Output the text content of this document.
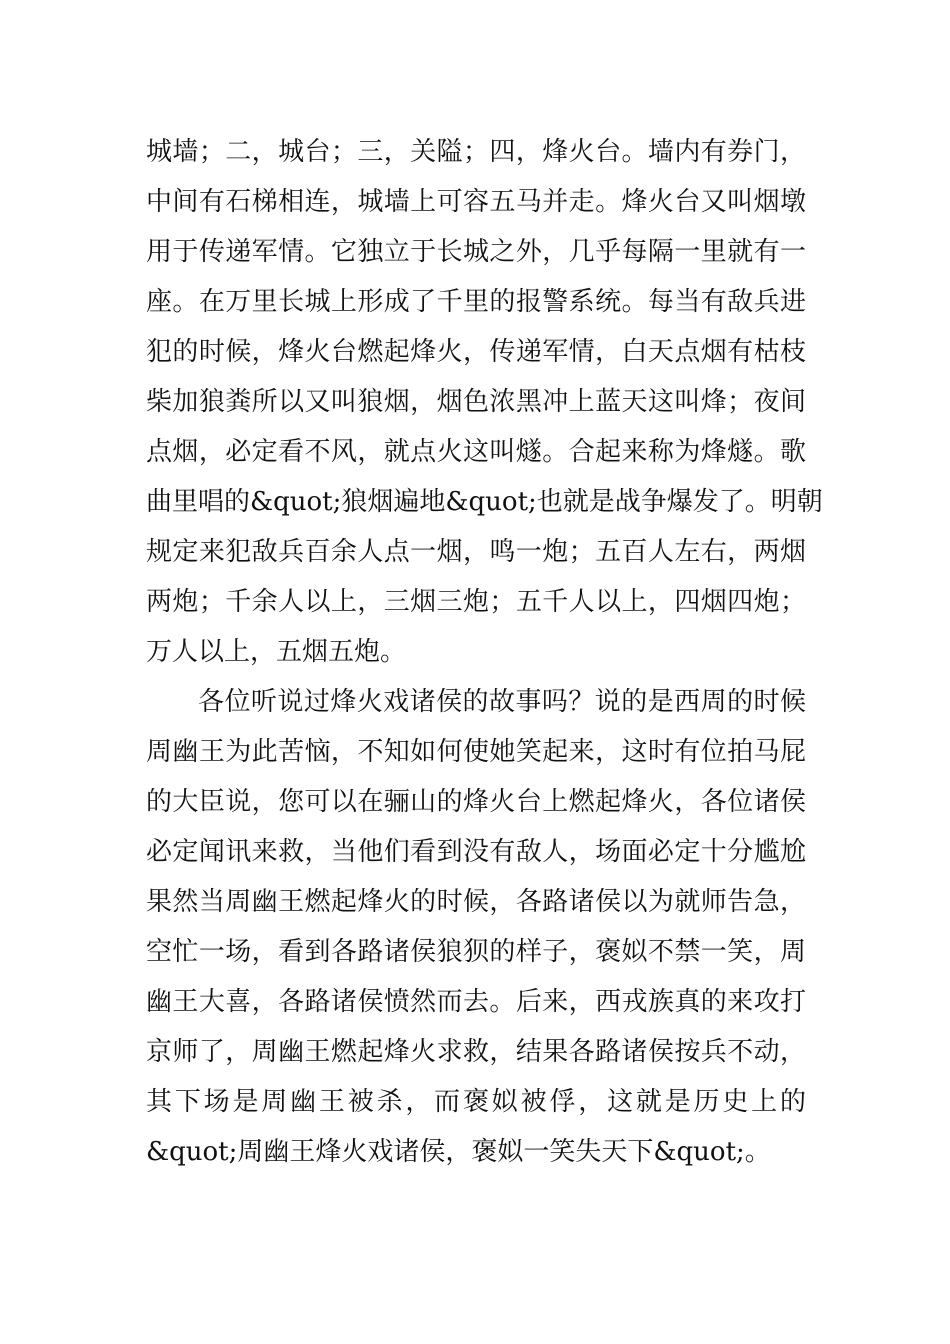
城墙；二，城台；三，关隘；四，烽火台。墙内有券门，
中间有石梯相连，城墙上可容五马并走。烽火台又叫烟墩
用于传递军情。它独立于长城之外，几乎每隔一里就有一
座。在万里长城上形成了千里的报警系统。每当有敌兵进
犯的时候，烽火台燃起烽火，传递军情，白天点烟有枯枝
柴加狼粪所以又叫狼烟，烟色浓黑冲上蓝天这叫烽；夜间
点烟，必定看不风，就点火这叫燧。合起来称为烽燧。歌
曲里唱的&quot;狼烟遍地&quot;也就是战争爆发了。明朝
规定来犯敌兵百余人点一烟，鸣一炮；五百人左右，两烟
两炮；千余人以上，三烟三炮；五千人以上，四烟四炮；
万人以上，五烟五炮。
各位听说过烽火戏诸侯的故事吗？说的是西周的时候
周幽王为此苦恼，不知如何使她笑起来，这时有位拍马屁
的大臣说，您可以在骊山的烽火台上燃起烽火，各位诸侯
必定闻讯来救，当他们看到没有敌人，场面必定十分尴尬
果然当周幽王燃起烽火的时候，各路诸侯以为就师告急，
空忙一场，看到各路诸侯狼狈的样子，褒姒不禁一笑，周
幽王大喜，各路诸侯愤然而去。后来，西戎族真的来攻打
京师了，周幽王燃起烽火求救，结果各路诸侯按兵不动，
其下场是周幽王被杀，而褒姒被俘，这就是历史上的
&quot;周幽王烽火戏诸侯，褒姒一笑失天下&quot;。
